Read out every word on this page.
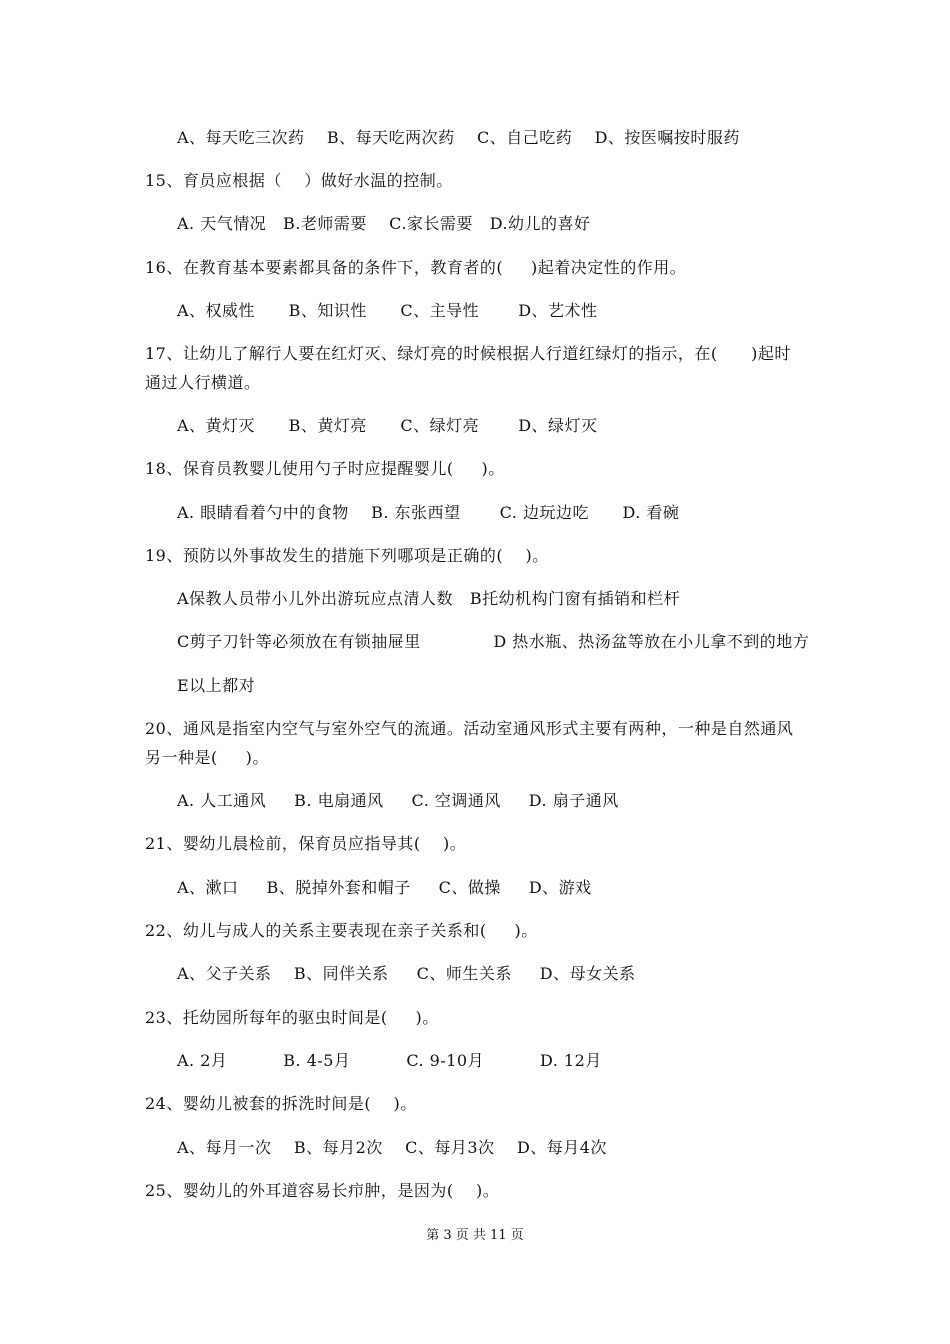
A、每天吃三次药    B、每天吃两次药    C、自己吃药    D、按医嘱按时服药
15、育员应根据（    ）做好水温的控制。
A. 天气情况   B.老师需要    C.家长需要   D.幼儿的喜好
16、在教育基本要素都具备的条件下，教育者的(     )起着决定性的作用。
A、权威性      B、知识性      C、主导性       D、艺术性
17、让幼儿了解行人要在红灯灭、绿灯亮的时候根据人行道红绿灯的指示，在(      )起时
通过人行横道。
A、黄灯灭      B、黄灯亮      C、绿灯亮       D、绿灯灭
18、保育员教婴儿使用勺子时应提醒婴儿(     )。
A. 眼睛看着勺中的食物    B. 东张西望       C. 边玩边吃      D. 看碗
19、预防以外事故发生的措施下列哪项是正确的(    )。
A保教人员带小儿外出游玩应点清人数   B托幼机构门窗有插销和栏杆
C剪子刀针等必须放在有锁抽屉里             D 热水瓶、热汤盆等放在小儿拿不到的地方
E以上都对
20、通风是指室内空气与室外空气的流通。活动室通风形式主要有两种，一种是自然通风
另一种是(     )。
A. 人工通风     B. 电扇通风     C. 空调通风     D. 扇子通风
21、婴幼儿晨检前，保育员应指导其(    )。
A、漱口     B、脱掉外套和帽子     C、做操     D、游戏
22、幼儿与成人的关系主要表现在亲子关系和(     )。
A、父子关系    B、同伴关系     C、师生关系     D、母女关系
23、托幼园所每年的驱虫时间是(     )。
A. 2月          B. 4-5月          C. 9-10月          D. 12月
24、婴幼儿被套的拆洗时间是(    )。
A、每月一次    B、每月2次    C、每月3次    D、每月4次
25、婴幼儿的外耳道容易长疖肿，是因为(    )。
第 3 页 共 11 页
